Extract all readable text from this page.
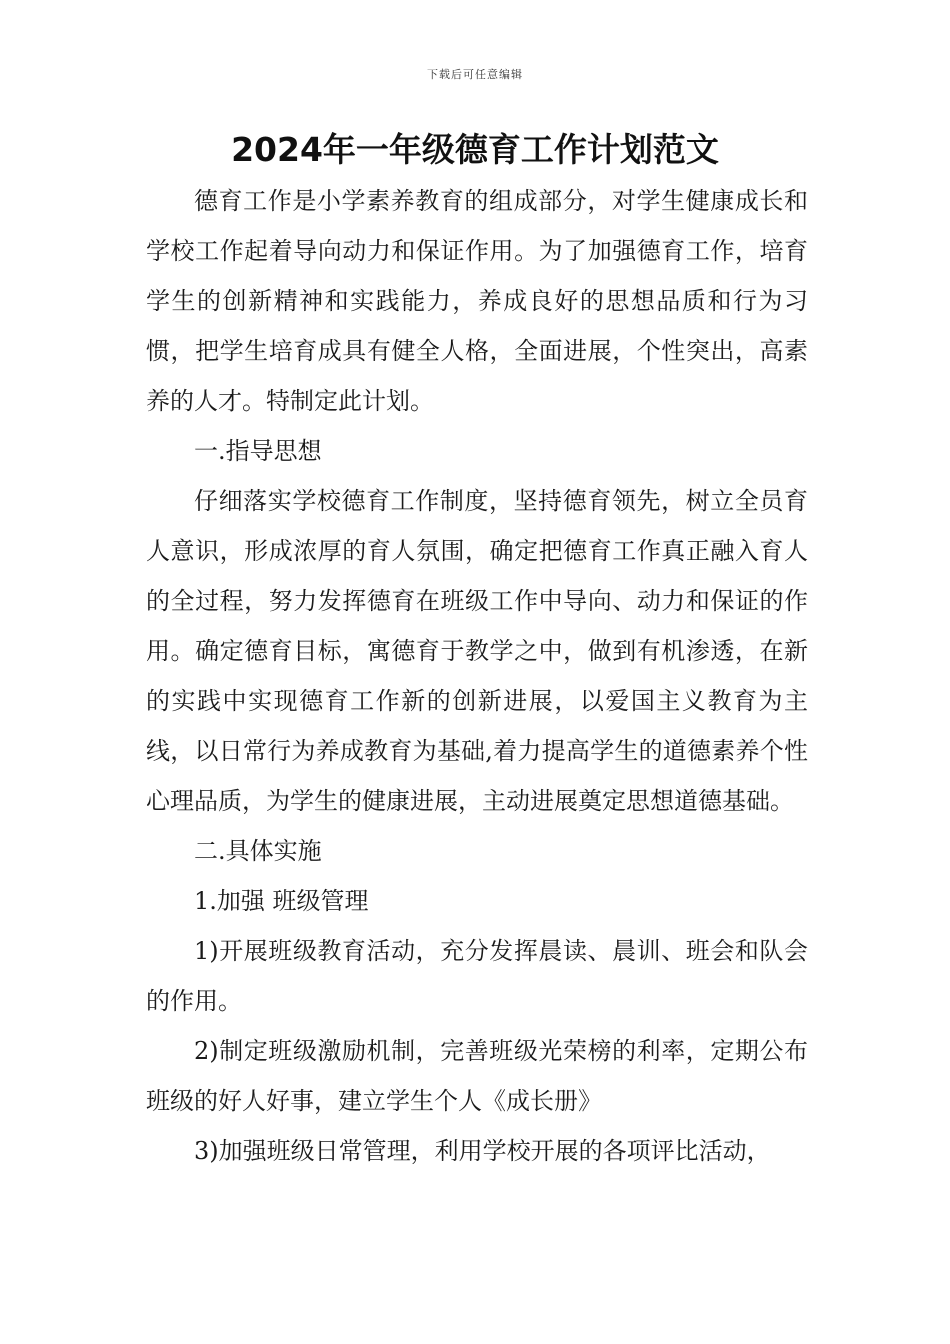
下载后可任意编辑
2024年一年级德育工作计划范文

德育工作是小学素养教育的组成部分，对学生健康成长和学校工作起着导向动力和保证作用。为了加强德育工作，培育学生的创新精神和实践能力，养成良好的思想品质和行为习惯，把学生培育成具有健全人格，全面进展，个性突出，高素养的人才。特制定此计划。

一.指导思想

仔细落实学校德育工作制度，坚持德育领先，树立全员育人意识，形成浓厚的育人氛围，确定把德育工作真正融入育人的全过程，努力发挥德育在班级工作中导向、动力和保证的作用。确定德育目标，寓德育于教学之中，做到有机渗透，在新的实践中实现德育工作新的创新进展，以爱国主义教育为主线，以日常行为养成教育为基础,着力提高学生的道德素养个性心理品质，为学生的健康进展，主动进展奠定思想道德基础。

二.具体实施

1.加强 班级管理

1)开展班级教育活动，充分发挥晨读、晨训、班会和队会的作用。

2)制定班级激励机制，完善班级光荣榜的利率，定期公布班级的好人好事，建立学生个人《成长册》

3)加强班级日常管理，利用学校开展的各项评比活动，
